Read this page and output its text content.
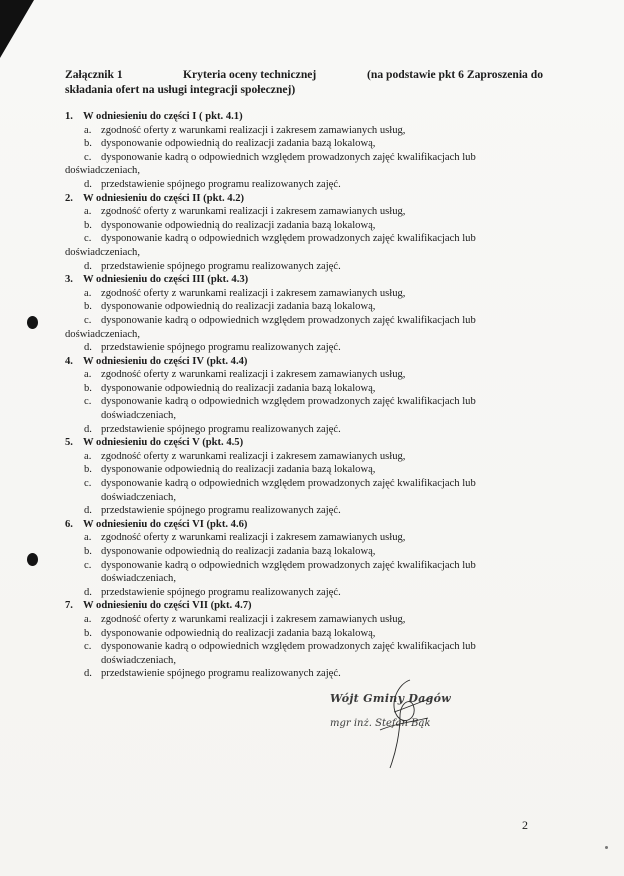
Załącznik 1	Kryteria oceny technicznej	(na podstawie pkt 6 Zaproszenia do
składania ofert na usługi integracji społecznej)
1. W odniesieniu do części I ( pkt. 4.1)
a. zgodność oferty z warunkami realizacji i zakresem zamawianych usług,
b. dysponowanie odpowiednią do realizacji zadania bazą lokalową,
c. dysponowanie kadrą o odpowiednich względem prowadzonych zajęć kwalifikacjach lub
doświadczeniach,
d. przedstawienie spójnego programu realizowanych zajęć.
2. W odniesieniu do części II (pkt. 4.2)
a. zgodność oferty z warunkami realizacji i zakresem zamawianych usług,
b. dysponowanie odpowiednią do realizacji zadania bazą lokalową,
c. dysponowanie kadrą o odpowiednich względem prowadzonych zajęć kwalifikacjach lub
doświadczeniach,
d. przedstawienie spójnego programu realizowanych zajęć.
3. W odniesieniu do części III (pkt. 4.3)
a. zgodność oferty z warunkami realizacji i zakresem zamawianych usług,
b. dysponowanie odpowiednią do realizacji zadania bazą lokalową,
c. dysponowanie kadrą o odpowiednich względem prowadzonych zajęć kwalifikacjach lub
doświadczeniach,
d. przedstawienie spójnego programu realizowanych zajęć.
4. W odniesieniu do części IV (pkt. 4.4)
a. zgodność oferty z warunkami realizacji i zakresem zamawianych usług,
b. dysponowanie odpowiednią do realizacji zadania bazą lokalową,
c. dysponowanie kadrą o odpowiednich względem prowadzonych zajęć kwalifikacjach lub
doświadczeniach,
d. przedstawienie spójnego programu realizowanych zajęć.
5. W odniesieniu do części V (pkt. 4.5)
a. zgodność oferty z warunkami realizacji i zakresem zamawianych usług,
b. dysponowanie odpowiednią do realizacji zadania bazą lokalową,
c. dysponowanie kadrą o odpowiednich względem prowadzonych zajęć kwalifikacjach lub
doświadczeniach,
d. przedstawienie spójnego programu realizowanych zajęć.
6. W odniesieniu do części VI (pkt. 4.6)
a. zgodność oferty z warunkami realizacji i zakresem zamawianych usług,
b. dysponowanie odpowiednią do realizacji zadania bazą lokalową,
c. dysponowanie kadrą o odpowiednich względem prowadzonych zajęć kwalifikacjach lub
doświadczeniach,
d. przedstawienie spójnego programu realizowanych zajęć.
7. W odniesieniu do części VII (pkt. 4.7)
a. zgodność oferty z warunkami realizacji i zakresem zamawianych usług,
b. dysponowanie odpowiednią do realizacji zadania bazą lokalową,
c. dysponowanie kadrą o odpowiednich względem prowadzonych zajęć kwalifikacjach lub
doświadczeniach,
d. przedstawienie spójnego programu realizowanych zajęć.
Wójt Gminy Dagów
mgr inż. Stefan Bąk
2
